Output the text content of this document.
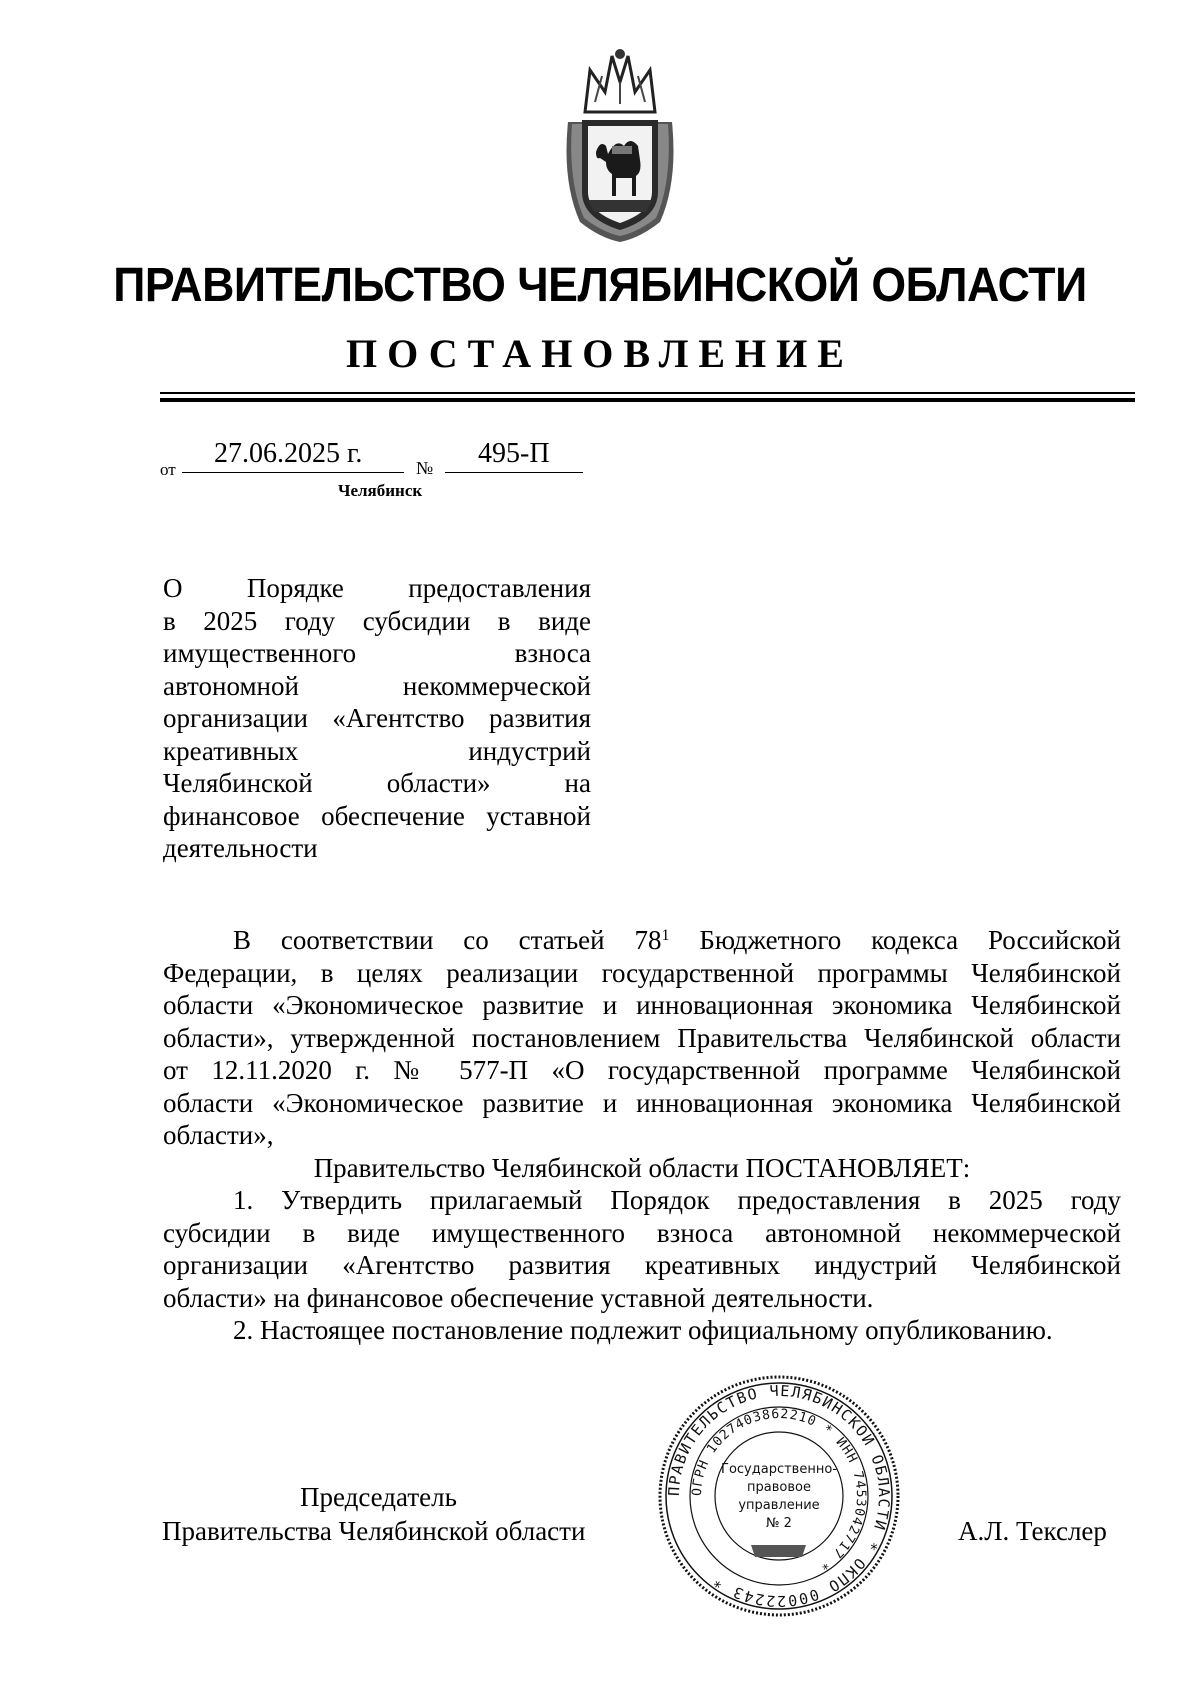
ПРАВИТЕЛЬСТВО ЧЕЛЯБИНСКОЙ ОБЛАСТИ
ПОСТАНОВЛЕНИЕ
от
27.06.2025 г.	№ 495-П
Челябинск
О Порядке предоставления
в 2025 году субсидии в виде
имущественного взноса
автономной некоммерческой
организации «Агентство развития
креативных индустрий
Челябинской области» на
финансовое обеспечение уставной
деятельности
В соответствии со статьей $78^1$ Бюджетного кодекса Российской
Федерации, в целях реализации государственной программы Челябинской
области «Экономическое развитие и инновационная экономика Челябинской
области», утвержденной постановлением Правительства Челябинской области
от 12.11.2020 г. № 577-П «О государственной программе Челябинской
области «Экономическое развитие и инновационная экономика Челябинской
области»,
Правительство Челябинской области ПОСТАНОВЛЯЕТ:
1. Утвердить прилагаемый Порядок предоставления в 2025 году
субсидии в виде имущественного взноса автономной некоммерческой
организации «Агентство развития креативных индустрий Челябинской
области» на финансовое обеспечение уставной деятельности.
2. Настоящее постановление подлежит официальному опубликованию.
ПРАВИТЕЛЬСТВО ЧЕЛЯБИНСКОЙ ОБЛАСТИ * ОКПО 00022243 *
ОГРН 1027403862210 * ИНН 7453042717 *
Государственно-
правовое
управление
№ 2
Председатель
Правительства Челябинской области	А.Л. Текслер
